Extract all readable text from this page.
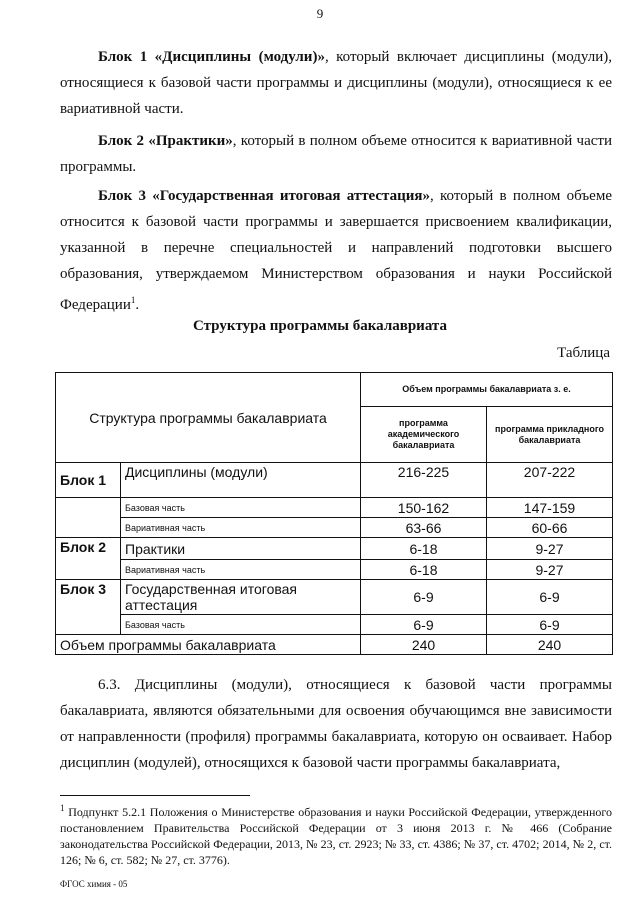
9

Блок 1 «Дисциплины (модули)», который включает дисциплины (модули), относящиеся к базовой части программы и дисциплины (модули), относящиеся к ее вариативной части.

Блок 2 «Практики», который в полном объеме относится к вариативной части программы.

Блок 3 «Государственная итоговая аттестация», который в полном объеме относится к базовой части программы и завершается присвоением квалификации, указанной в перечне специальностей и направлений подготовки высшего образования, утверждаемом Министерством образования и науки Российской Федерации$^1$.

Структура программы бакалавриата
Таблица
Структура программы бакалавриата		Объем программы бакалавриата з. е.	
		программа академического бакалавриата	программа прикладного бакалавриата
Блок 1	Дисциплины (модули)	216-225	207-222
	Базовая часть	150-162	147-159
	Вариативная часть	63-66	60-66
Блок 2	Практики	6-18	9-27
	Вариативная часть	6-18	9-27
Блок 3	Государственная итоговая аттестация	6-9	6-9
	Базовая часть	6-9	6-9
Объем программы бакалавриата		240	240

6.3. Дисциплины (модули), относящиеся к базовой части программы бакалавриата, являются обязательными для освоения обучающимся вне зависимости от направленности (профиля) программы бакалавриата, которую он осваивает. Набор дисциплин (модулей), относящихся к базовой части программы бакалавриата,

$^1$ Подпункт 5.2.1 Положения о Министерстве образования и науки Российской Федерации, утвержденного постановлением Правительства Российской Федерации от 3 июня 2013 г. № 466 (Собрание законодательства Российской Федерации, 2013, № 23, ст. 2923; № 33, ст. 4386; № 37, ст. 4702; 2014, № 2, ст. 126; № 6, ст. 582; № 27, ст. 3776).

ФГОС химия - 05
